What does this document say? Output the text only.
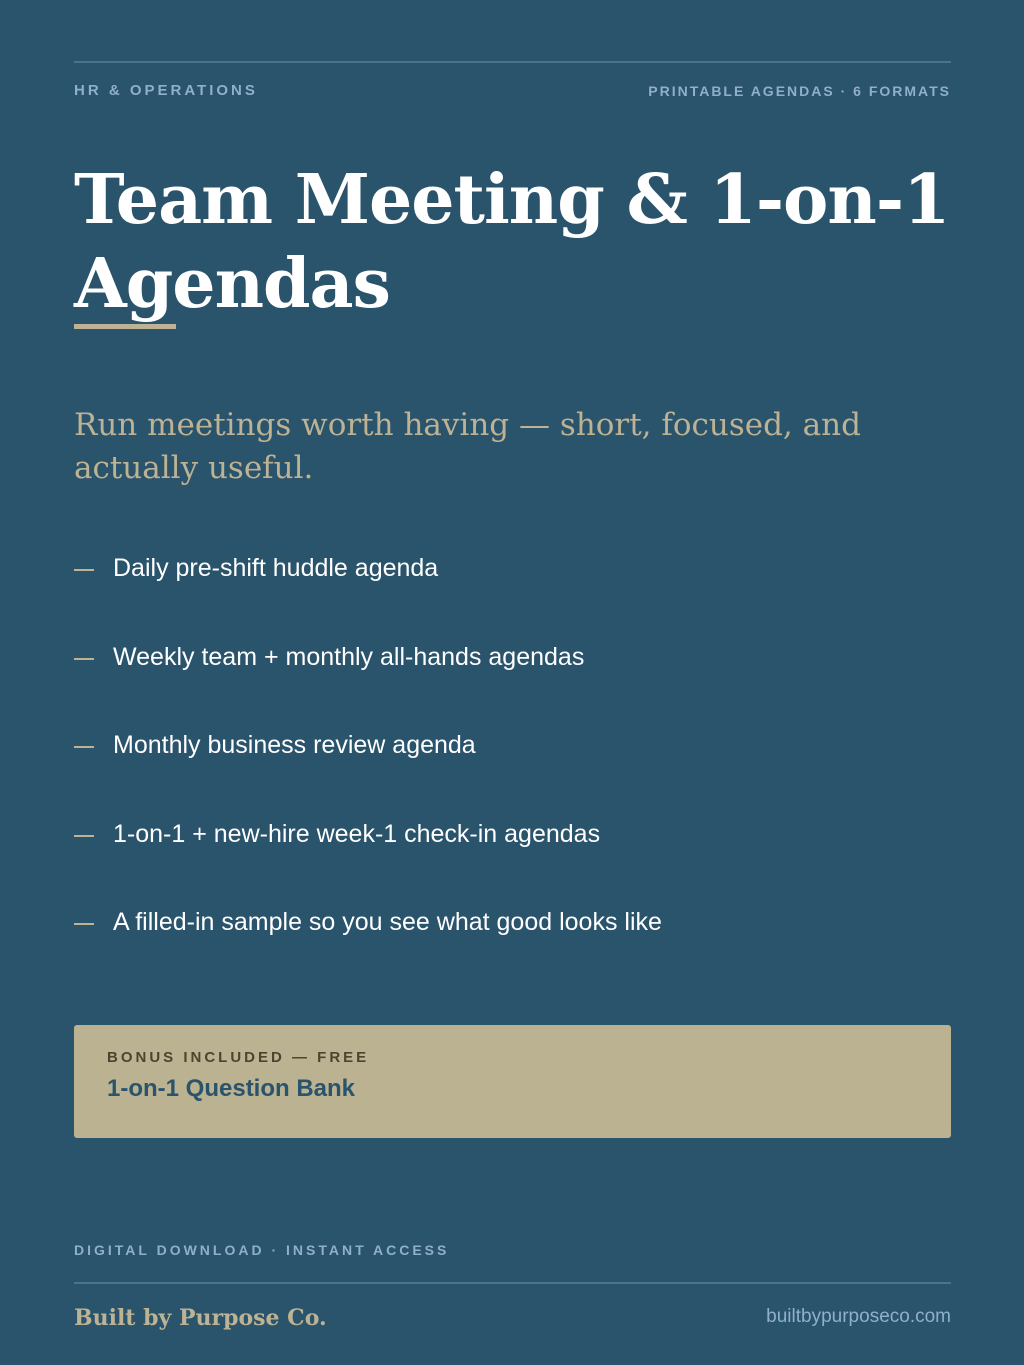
HR & OPERATIONS	PRINTABLE AGENDAS · 6 FORMATS
Team Meeting & 1-on-1 Agendas

Run meetings worth having — short, focused, and actually useful.

Daily pre-shift huddle agenda
Weekly team + monthly all-hands agendas
Monthly business review agenda
1-on-1 + new-hire week-1 check-in agendas
A filled-in sample so you see what good looks like
BONUS INCLUDED — FREE
1-on-1 Question Bank
DIGITAL DOWNLOAD · INSTANT ACCESS
Built by Purpose Co.	builtbypurposeco.com
